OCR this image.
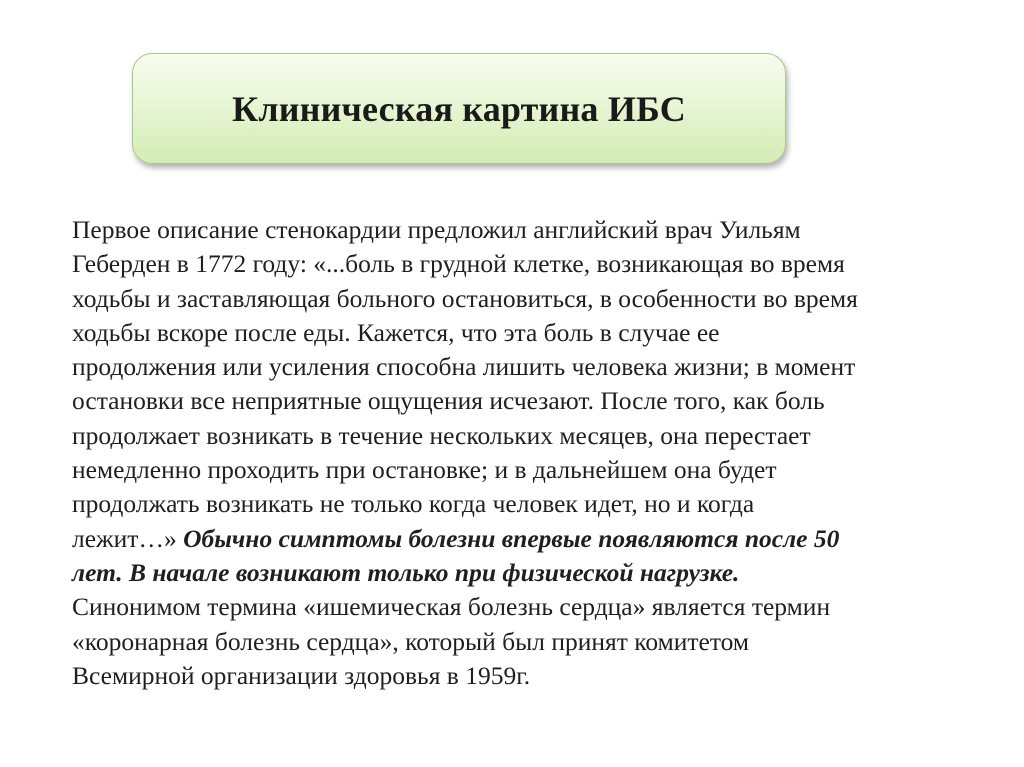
Клиническая картина ИБС
Первое описание стенокардии предложил английский врач Уильям
Геберден в 1772 году: «...боль в грудной клетке, возникающая во время
ходьбы и заставляющая больного остановиться, в особенности во время
ходьбы вскоре после еды. Кажется, что эта боль в случае ее
продолжения или усиления способна лишить человека жизни; в момент
остановки все неприятные ощущения исчезают. После того, как боль
продолжает возникать в течение нескольких месяцев, она перестает
немедленно проходить при остановке; и в дальнейшем она будет
продолжать возникать не только когда человек идет, но и когда
лежит…» Обычно симптомы болезни впервые появляются после 50
лет. В начале возникают только при физической нагрузке.
Синонимом термина «ишемическая болезнь сердца» является термин
«коронарная болезнь сердца», который был принят комитетом
Всемирной организации здоровья в 1959г.
